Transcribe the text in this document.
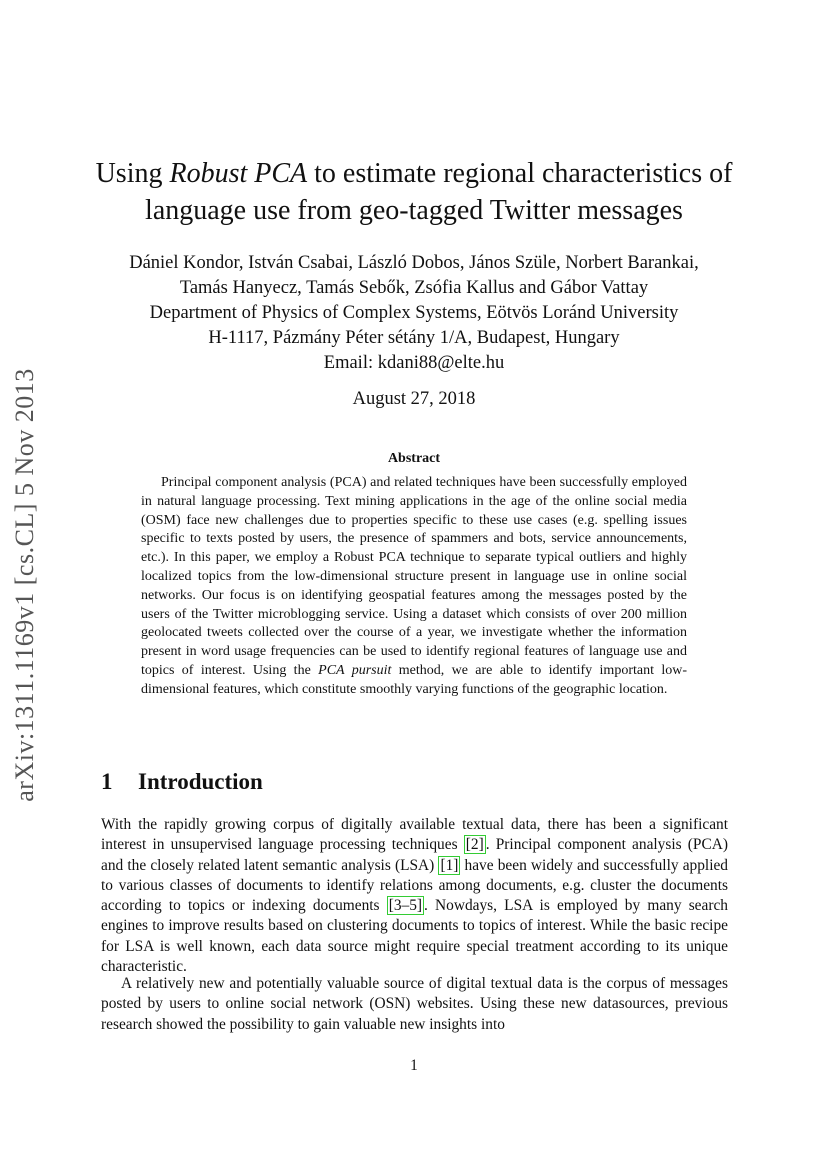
arXiv:1311.1169v1 [cs.CL] 5 Nov 2013
Using Robust PCA to estimate regional characteristics of language use from geo-tagged Twitter messages
Dániel Kondor, István Csabai, László Dobos, János Szüle, Norbert Barankai,
Tamás Hanyecz, Tamás Sebők, Zsófia Kallus and Gábor Vattay
Department of Physics of Complex Systems, Eötvös Loránd University
H-1117, Pázmány Péter sétány 1/A, Budapest, Hungary
Email: kdani88@elte.hu
August 27, 2018
Abstract

Principal component analysis (PCA) and related techniques have been successfully employed in natural language processing. Text mining applications in the age of the online social media (OSM) face new challenges due to properties specific to these use cases (e.g. spelling issues specific to texts posted by users, the presence of spammers and bots, service announcements, etc.). In this paper, we employ a Robust PCA technique to separate typical outliers and highly localized topics from the low-dimensional structure present in language use in online social networks. Our focus is on identifying geospatial features among the messages posted by the users of the Twitter microblogging service. Using a dataset which consists of over 200 million geolocated tweets collected over the course of a year, we investigate whether the information present in word usage frequencies can be used to identify regional features of language use and topics of interest. Using the PCA pursuit method, we are able to identify important low-dimensional features, which constitute smoothly varying functions of the geographic location.

1 Introduction

With the rapidly growing corpus of digitally available textual data, there has been a significant interest in unsupervised language processing techniques [2] . Principal component analysis (PCA) and the closely related latent semantic analysis (LSA) [1] have been widely and successfully applied to various classes of documents to identify relations among documents, e.g. cluster the documents according to topics or indexing documents [3–5] . Nowdays, LSA is employed by many search engines to improve results based on clustering documents to topics of interest. While the basic recipe for LSA is well known, each data source might require special treatment according to its unique characteristic.

A relatively new and potentially valuable source of digital textual data is the corpus of messages posted by users to online social network (OSN) websites. Using these new datasources, previous research showed the possibility to gain valuable new insights into

1
